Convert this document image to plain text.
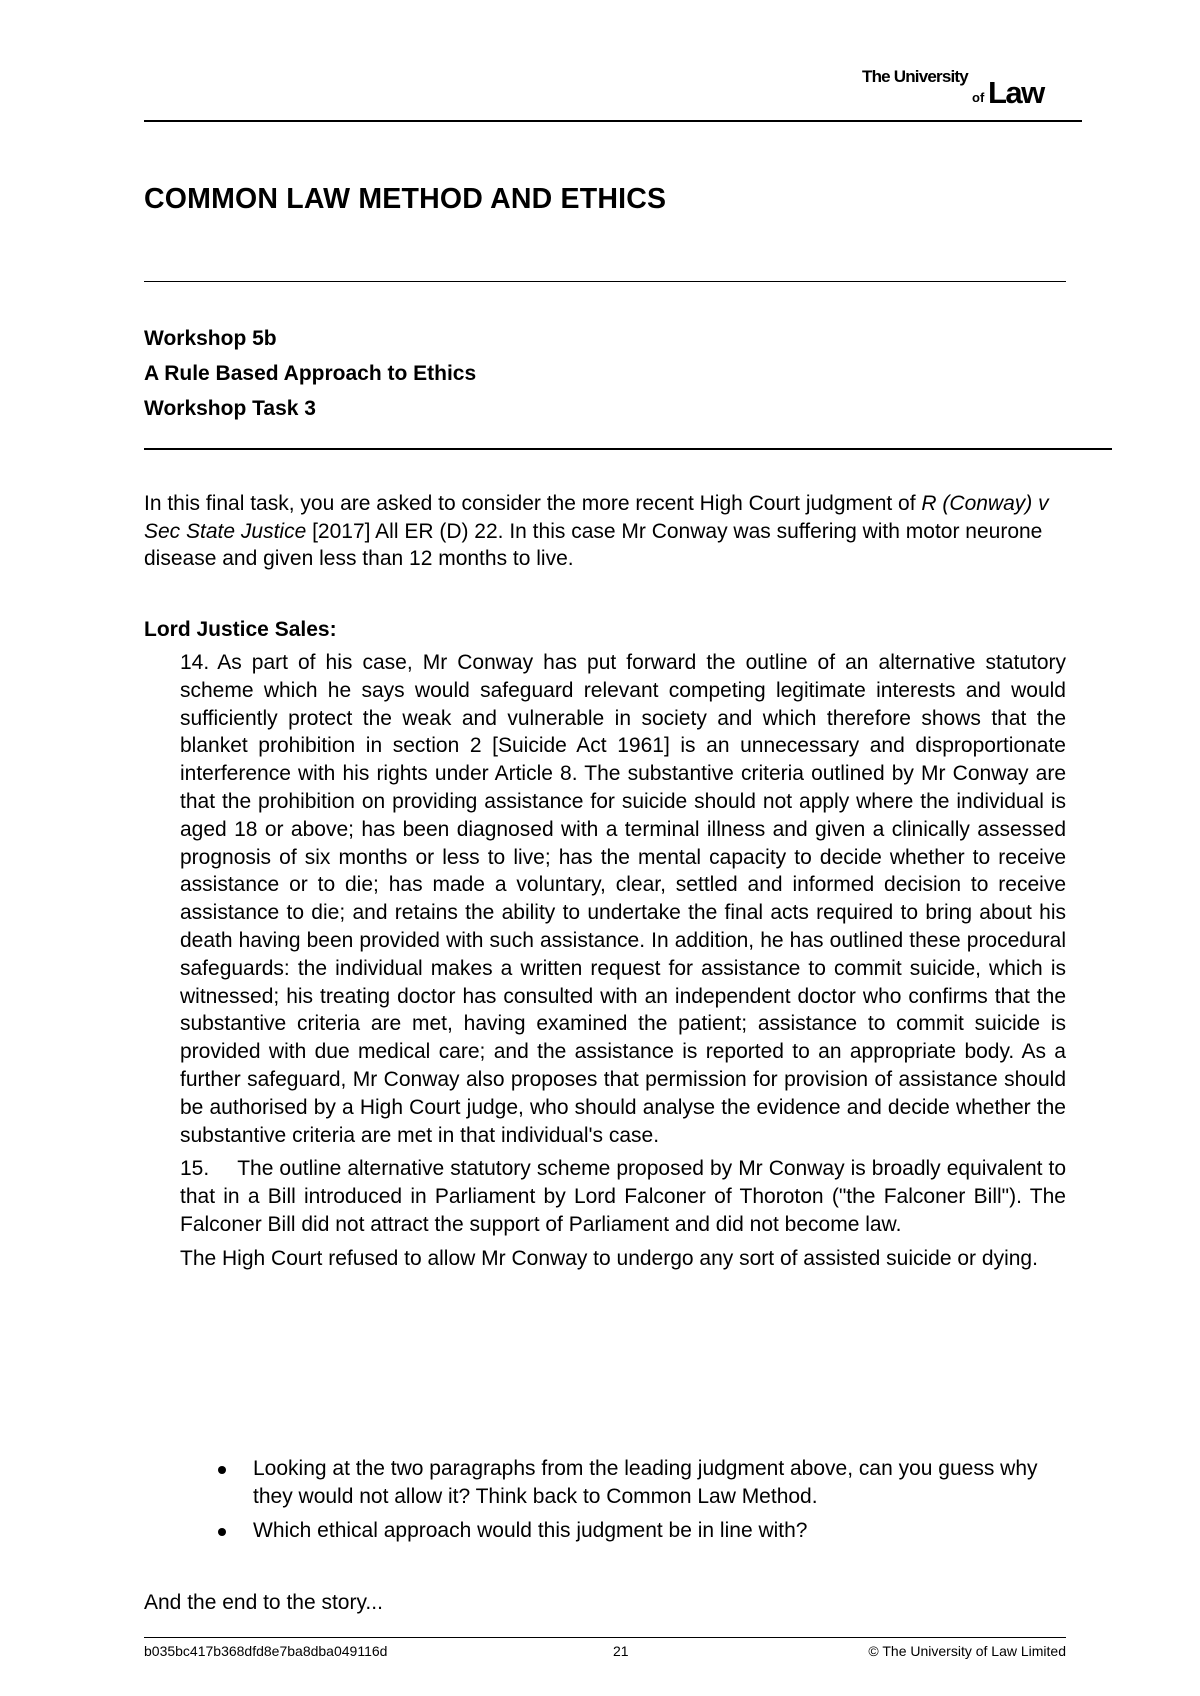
The University
of Law
COMMON LAW METHOD AND ETHICS
Workshop 5b
A Rule Based Approach to Ethics
Workshop Task 3

In this final task, you are asked to consider the more recent High Court judgment of R (Conway) v Sec State Justice [2017] All ER (D) 22. In this case Mr Conway was suffering with motor neurone disease and given less than 12 months to live.

Lord Justice Sales:

14. As part of his case, Mr Conway has put forward the outline of an alternative statutory scheme which he says would safeguard relevant competing legitimate interests and would sufficiently protect the weak and vulnerable in society and which therefore shows that the blanket prohibition in section 2 [Suicide Act 1961] is an unnecessary and disproportionate interference with his rights under Article 8. The substantive criteria outlined by Mr Conway are that the prohibition on providing assistance for suicide should not apply where the individual is aged 18 or above; has been diagnosed with a terminal illness and given a clinically assessed prognosis of six months or less to live; has the mental capacity to decide whether to receive assistance or to die; has made a voluntary, clear, settled and informed decision to receive assistance to die; and retains the ability to undertake the final acts required to bring about his death having been provided with such assistance. In addition, he has outlined these procedural safeguards: the individual makes a written request for assistance to commit suicide, which is witnessed; his treating doctor has consulted with an independent doctor who confirms that the substantive criteria are met, having examined the patient; assistance to commit suicide is provided with due medical care; and the assistance is reported to an appropriate body. As a further safeguard, Mr Conway also proposes that permission for provision of assistance should be authorised by a High Court judge, who should analyse the evidence and decide whether the substantive criteria are met in that individual's case.

15. The outline alternative statutory scheme proposed by Mr Conway is broadly equivalent to that in a Bill introduced in Parliament by Lord Falconer of Thoroton ("the Falconer Bill"). The Falconer Bill did not attract the support of Parliament and did not become law.

The High Court refused to allow Mr Conway to undergo any sort of assisted suicide or dying.

Looking at the two paragraphs from the leading judgment above, can you guess why they would not allow it? Think back to Common Law Method.
Which ethical approach would this judgment be in line with?
And the end to the story...
b035bc417b368dfd8e7ba8dba049116d	21	© The University of Law Limited
